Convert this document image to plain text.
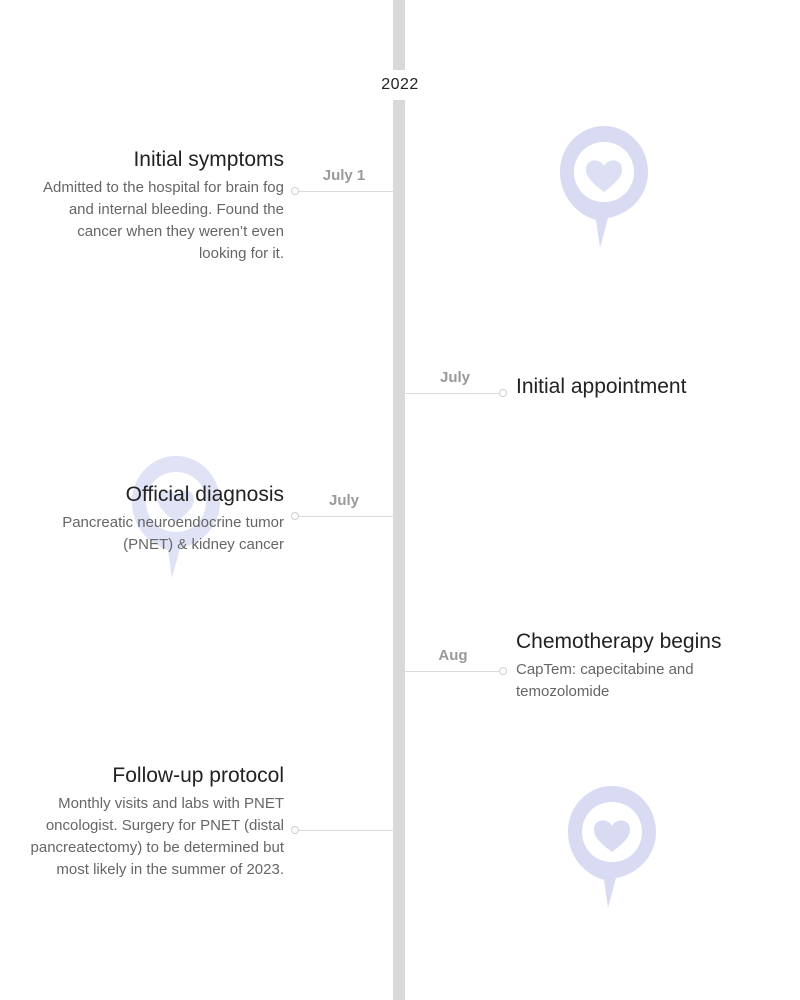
2022
July 1
Initial symptoms

Admitted to the hospital for brain fog and internal bleeding. Found the cancer when they weren’t even looking for it.

July	Initial appointment
July
Official diagnosis

Pancreatic neuroendocrine tumor (PNET) & kidney cancer

Aug
Chemotherapy begins

CapTem: capecitabine and temozolomide

Follow-up protocol

Monthly visits and labs with PNET oncologist. Surgery for PNET (distal pancreatectomy) to be determined but most likely in the summer of 2023.
